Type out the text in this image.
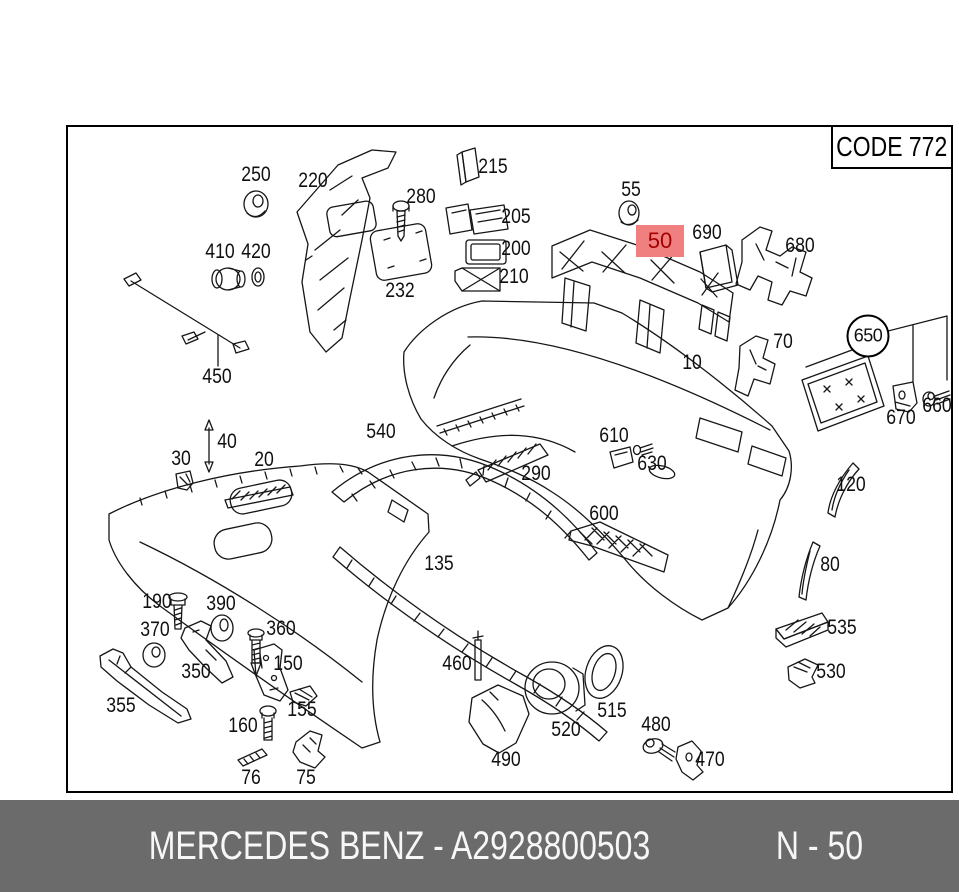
250 220
280
215
205
200
210
232
410 420
450
55
50 690
680
70	650
660
670
10
540	610
630
290
600
30
40
20
135
190 390
370	360
350
355
150
155
160
76 75
460
490
520
515
480
470
120
80
535
530
CODE 772
MERCEDES BENZ - A2928800503	N - 50
